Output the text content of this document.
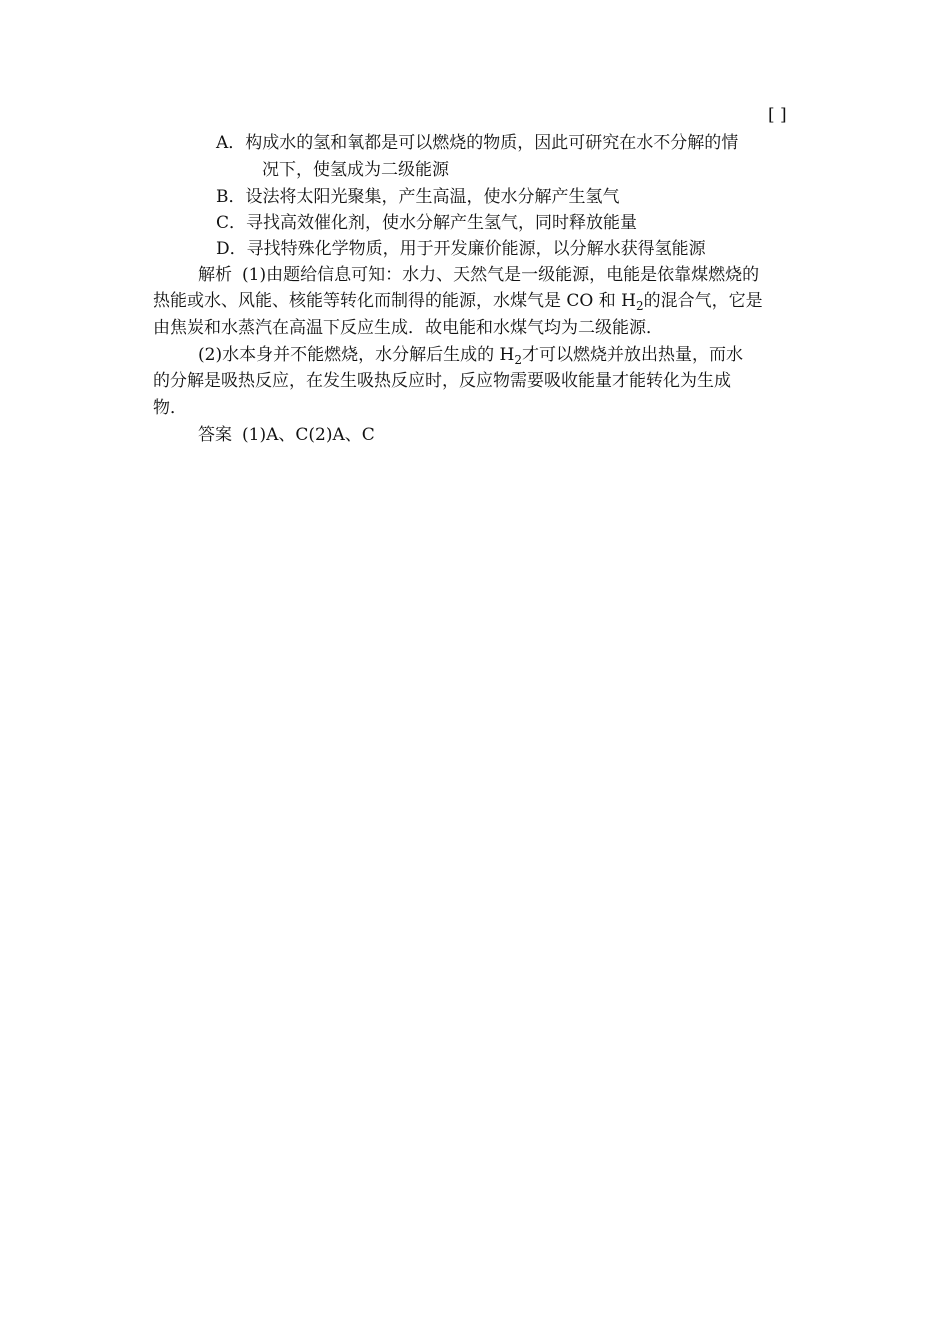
[ ]
A．构成水的氢和氧都是可以燃烧的物质，因此可研究在水不分解的情
况下，使氢成为二级能源
B．设法将太阳光聚集，产生高温，使水分解产生氢气
C．寻找高效催化剂，使水分解产生氢气，同时释放能量
D．寻找特殊化学物质，用于开发廉价能源，以分解水获得氢能源
解析 (1)由题给信息可知：水力、天然气是一级能源，电能是依靠煤燃烧的
热能或水、风能、核能等转化而制得的能源，水煤气是 CO 和 $H_2$的混合气，它是
由焦炭和水蒸汽在高温下反应生成．故电能和水煤气均为二级能源．
(2)水本身并不能燃烧，水分解后生成的 $H_2$才可以燃烧并放出热量，而水
的分解是吸热反应，在发生吸热反应时，反应物需要吸收能量才能转化为生成
物．
答案 (1)A、C(2)A、C
